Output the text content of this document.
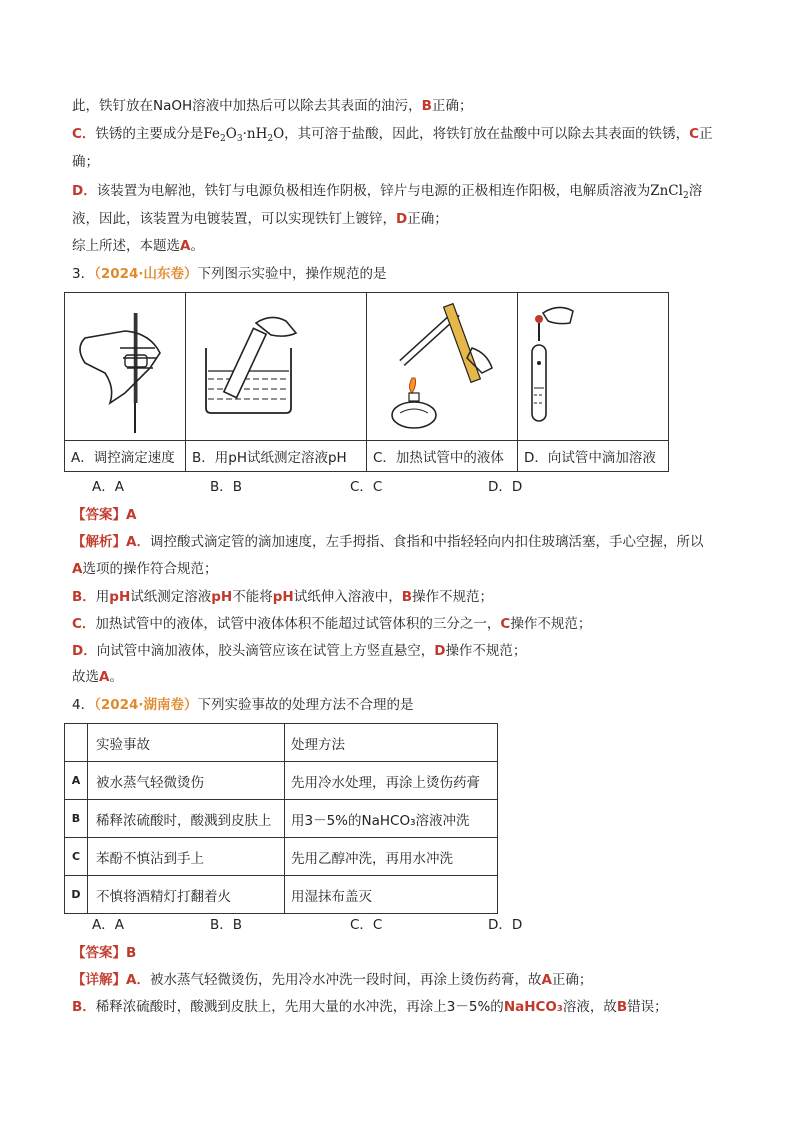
此，铁钉放在NaOH溶液中加热后可以除去其表面的油污，B正确；
C．铁锈的主要成分是$Fe_2O_3\cdot nH_2O$，其可溶于盐酸，因此，将铁钉放在盐酸中可以除去其表面的铁锈，C正
确；
D．该装置为电解池，铁钉与电源负极相连作阴极，锌片与电源的正极相连作阳极，电解质溶液为ZnCl$_2$溶
液，因此，该装置为电镀装置，可以实现铁钉上镀锌，D正确；
综上所述，本题选A。
3．（2024·山东卷）下列图示实验中，操作规范的是

A．调控滴定速度	B．用pH试纸测定溶液pH	C．加热试管中的液体	D．向试管中滴加溶液
A．A	B．B	C．C	D．D
【答案】A
【解析】A．调控酸式滴定管的滴加速度，左手拇指、食指和中指轻轻向内扣住玻璃活塞，手心空握，所以
A选项的操作符合规范；
B．用pH试纸测定溶液pH不能将pH试纸伸入溶液中，B操作不规范；
C．加热试管中的液体，试管中液体体积不能超过试管体积的三分之一，C操作不规范；
D．向试管中滴加液体，胶头滴管应该在试管上方竖直悬空，D操作不规范；
故选A。
4．（2024·湖南卷）下列实验事故的处理方法不合理的是
	实验事故	处理方法
A	被水蒸气轻微烫伤	先用冷水处理，再涂上烫伤药膏
B	稀释浓硫酸时，酸溅到皮肤上	用3－5%的NaHCO₃溶液冲洗
C	苯酚不慎沾到手上	先用乙醇冲洗，再用水冲洗
D	不慎将酒精灯打翻着火	用湿抹布盖灭
A．A	B．B	C．C	D．D
【答案】B
【详解】A．被水蒸气轻微烫伤，先用冷水冲洗一段时间，再涂上烫伤药膏，故A正确；
B．稀释浓硫酸时，酸溅到皮肤上，先用大量的水冲洗，再涂上3－5%的NaHCO₃溶液，故B错误；
